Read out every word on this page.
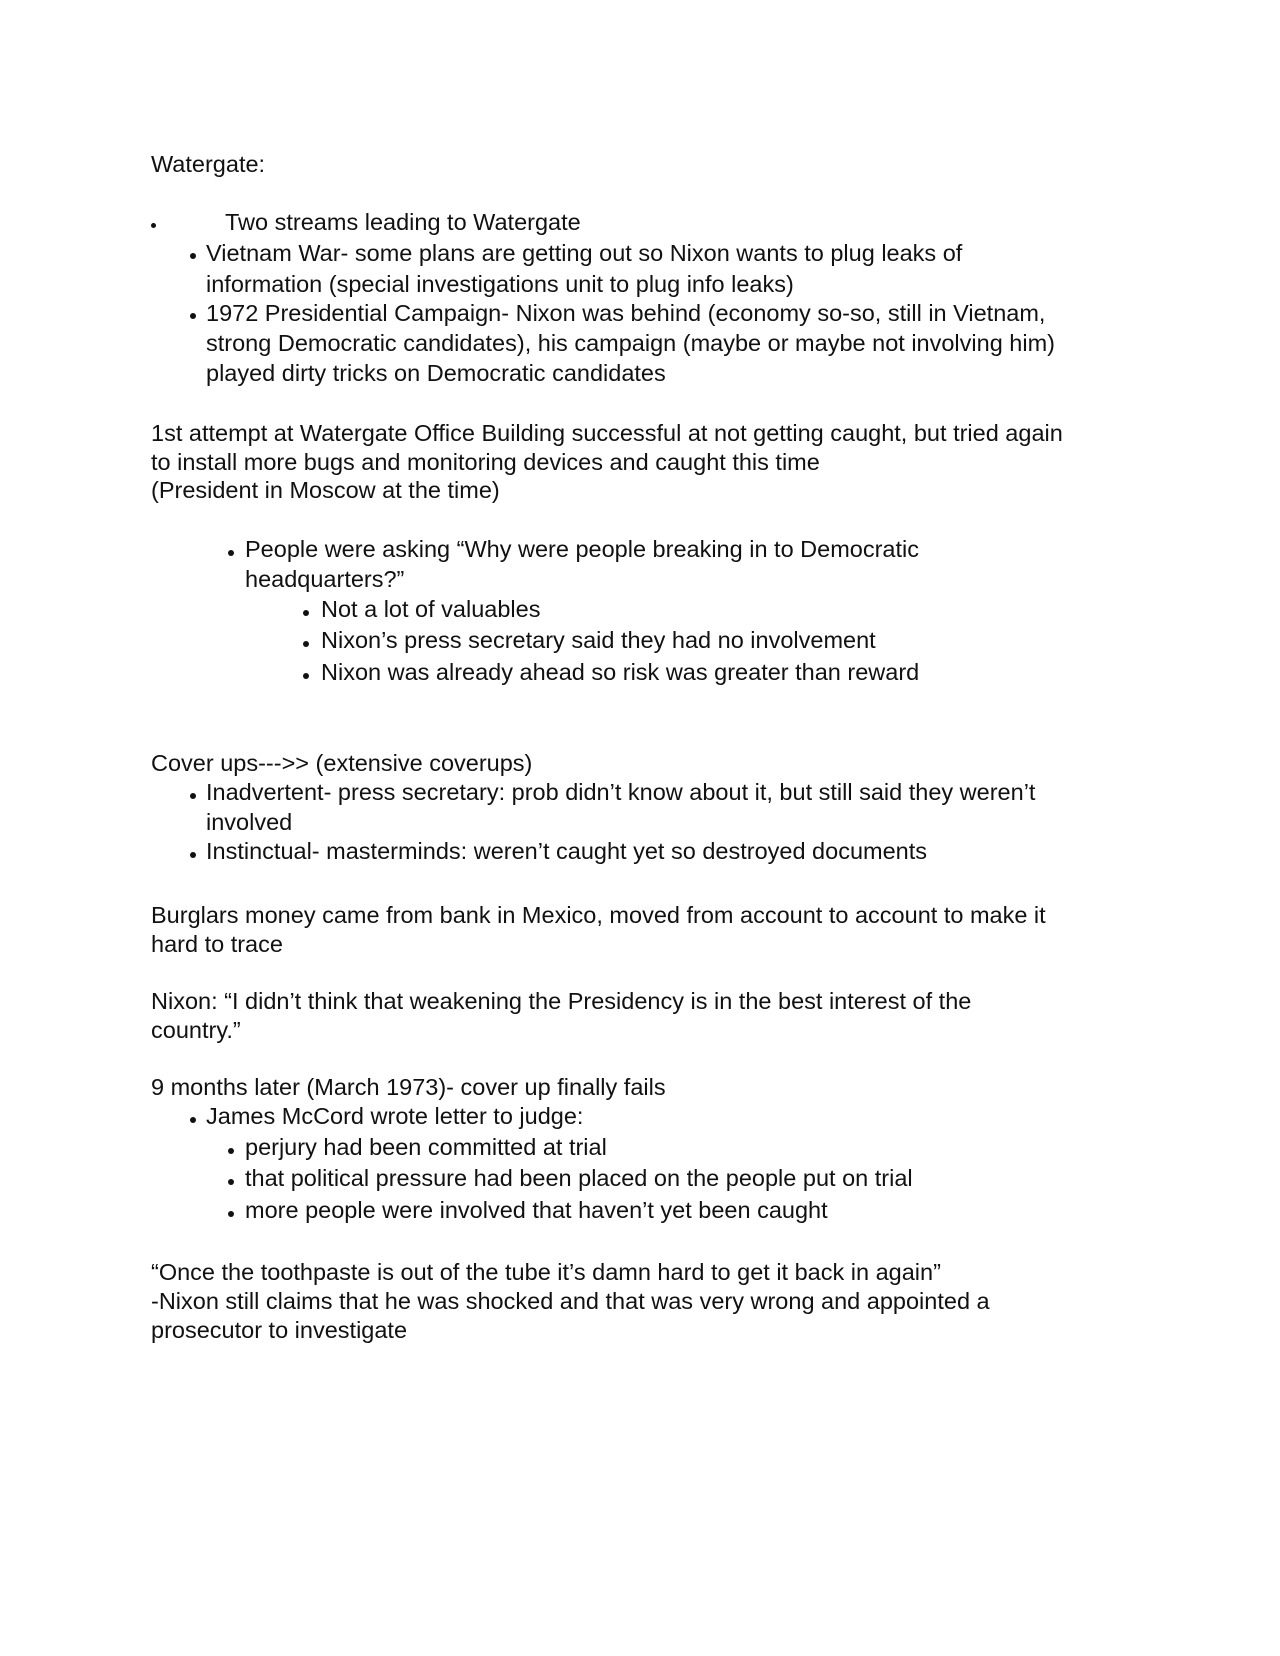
Watergate:
Two streams leading to Watergate
Vietnam War- some plans are getting out so Nixon wants to plug leaks of
information (special investigations unit to plug info leaks)
1972 Presidential Campaign- Nixon was behind (economy so-so, still in Vietnam,
strong Democratic candidates), his campaign (maybe or maybe not involving him)
played dirty tricks on Democratic candidates
1st attempt at Watergate Office Building successful at not getting caught, but tried again
to install more bugs and monitoring devices and caught this time
(President in Moscow at the time)
People were asking “Why were people breaking in to Democratic
headquarters?”
Not a lot of valuables
Nixon’s press secretary said they had no involvement
Nixon was already ahead so risk was greater than reward
Cover ups--->> (extensive coverups)
Inadvertent- press secretary: prob didn’t know about it, but still said they weren’t
involved
Instinctual- masterminds: weren’t caught yet so destroyed documents
Burglars money came from bank in Mexico, moved from account to account to make it
hard to trace
Nixon: “I didn’t think that weakening the Presidency is in the best interest of the
country.”
9 months later (March 1973)- cover up finally fails
James McCord wrote letter to judge:
perjury had been committed at trial
that political pressure had been placed on the people put on trial
more people were involved that haven’t yet been caught
“Once the toothpaste is out of the tube it’s damn hard to get it back in again”
-Nixon still claims that he was shocked and that was very wrong and appointed a
prosecutor to investigate
